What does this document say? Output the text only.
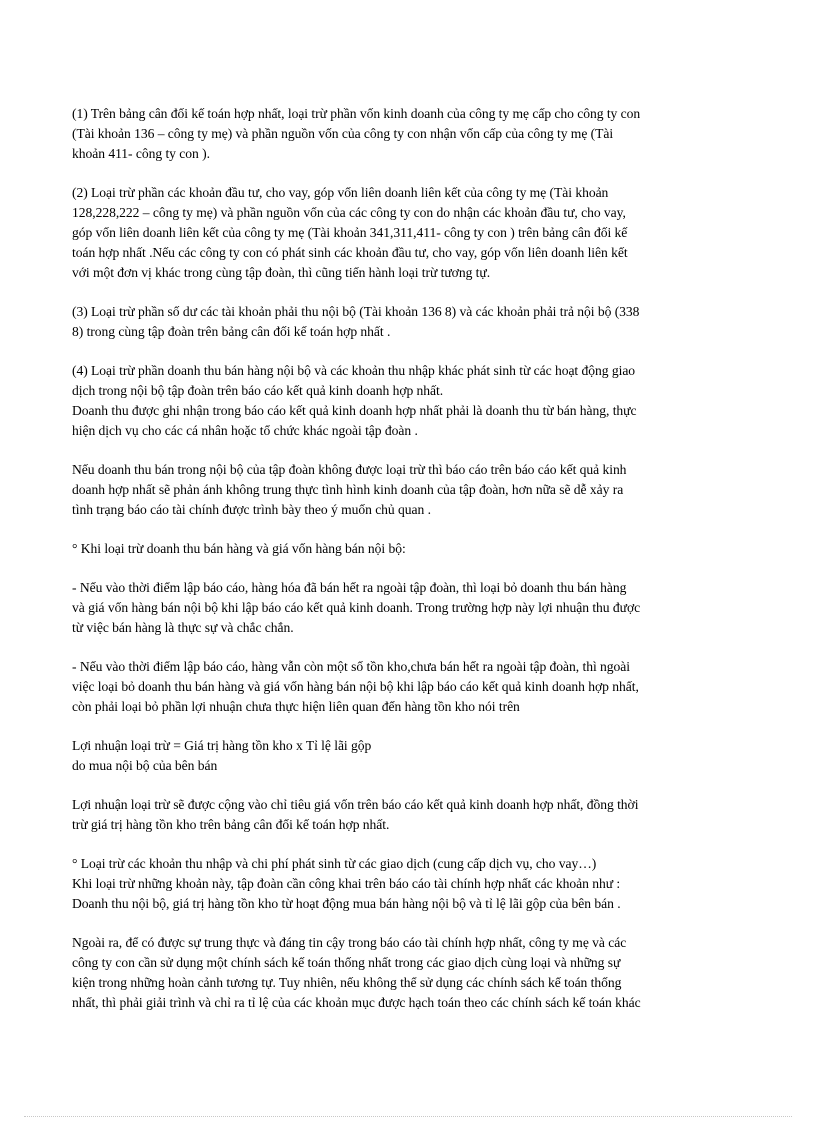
(1) Trên bảng cân đối kế toán hợp nhất, loại trừ phần vốn kinh doanh của công ty mẹ cấp cho công ty con
(Tài khoản 136 – công ty mẹ) và phần nguồn vốn của công ty con nhận vốn cấp của công ty mẹ (Tài
khoản 411- công ty con ).

(2) Loại trừ phần các khoản đầu tư, cho vay, góp vốn liên doanh liên kết của công ty mẹ (Tài khoản
128,228,222 – công ty mẹ) và phần nguồn vốn của các công ty con do nhận các khoản đầu tư, cho vay,
góp vốn liên doanh liên kết của công ty mẹ (Tài khoản 341,311,411- công ty con ) trên bảng cân đối kế
toán hợp nhất .Nếu các công ty con có phát sinh các khoản đầu tư, cho vay, góp vốn liên doanh liên kết
với một đơn vị khác trong cùng tập đoàn, thì cũng tiến hành loại trừ tương tự.

(3) Loại trừ phần số dư các tài khoản phải thu nội bộ (Tài khoản 136 8) và các khoản phải trả nội bộ (338
8) trong cùng tập đoàn trên bảng cân đối kế toán hợp nhất .

(4) Loại trừ phần doanh thu bán hàng nội bộ và các khoản thu nhập khác phát sinh từ các hoạt động giao
dịch trong nội bộ tập đoàn trên báo cáo kết quả kinh doanh hợp nhất.
Doanh thu được ghi nhận trong báo cáo kết quả kinh doanh hợp nhất phải là doanh thu từ bán hàng, thực
hiện dịch vụ cho các cá nhân hoặc tổ chức khác ngoài tập đoàn .

Nếu doanh thu bán trong nội bộ của tập đoàn không được loại trừ thì báo cáo trên báo cáo kết quả kinh
doanh hợp nhất sẽ phản ánh không trung thực tình hình kinh doanh của tập đoàn, hơn nữa sẽ dễ xảy ra
tình trạng báo cáo tài chính được trình bày theo ý muốn chủ quan .

° Khi loại trừ doanh thu bán hàng và giá vốn hàng bán nội bộ:

- Nếu vào thời điểm lập báo cáo, hàng hóa đã bán hết ra ngoài tập đoàn, thì loại bỏ doanh thu bán hàng
và giá vốn hàng bán nội bộ khi lập báo cáo kết quả kinh doanh. Trong trường hợp này lợi nhuận thu được
từ việc bán hàng là thực sự và chắc chắn.

- Nếu vào thời điểm lập báo cáo, hàng vẫn còn một số tồn kho,chưa bán hết ra ngoài tập đoàn, thì ngoài
việc loại bỏ doanh thu bán hàng và giá vốn hàng bán nội bộ khi lập báo cáo kết quả kinh doanh hợp nhất,
còn phải loại bỏ phần lợi nhuận chưa thực hiện liên quan đến hàng tồn kho nói trên

Lợi nhuận loại trừ = Giá trị hàng tồn kho x Tỉ lệ lãi gộp
do mua nội bộ của bên bán

Lợi nhuận loại trừ sẽ được cộng vào chỉ tiêu giá vốn trên báo cáo kết quả kinh doanh hợp nhất, đồng thời
trừ giá trị hàng tồn kho trên bảng cân đối kế toán hợp nhất.

° Loại trừ các khoản thu nhập và chi phí phát sinh từ các giao dịch (cung cấp dịch vụ, cho vay…)
Khi loại trừ những khoản này, tập đoàn cần công khai trên báo cáo tài chính hợp nhất các khoản như :
Doanh thu nội bộ, giá trị hàng tồn kho từ hoạt động mua bán hàng nội bộ và tỉ lệ lãi gộp của bên bán .

Ngoài ra, để có được sự trung thực và đáng tin cậy trong báo cáo tài chính hợp nhất, công ty mẹ và các
công ty con cần sử dụng một chính sách kế toán thống nhất trong các giao dịch cùng loại và những sự
kiện trong những hoàn cảnh tương tự. Tuy nhiên, nếu không thể sử dụng các chính sách kế toán thống
nhất, thì phải giải trình và chỉ ra tỉ lệ của các khoản mục được hạch toán theo các chính sách kế toán khác
